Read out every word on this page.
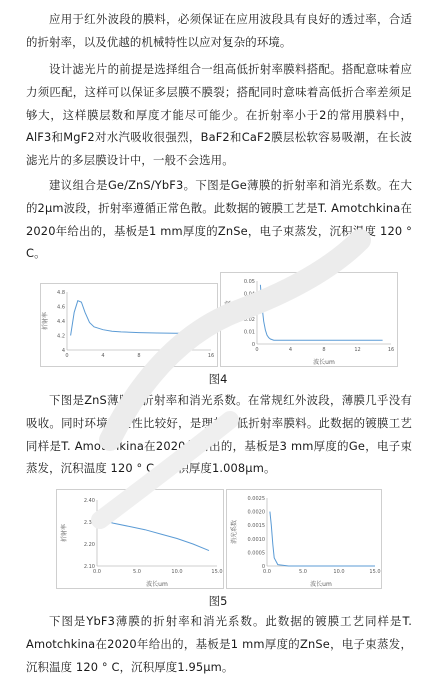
应用于红外波段的膜料，必须保证在应用波段具有良好的透过率，合适的折射率，以及优越的机械特性以应对复杂的环境。

设计滤光片的前提是选择组合一组高低折射率膜料搭配。搭配意味着应力须匹配，这样可以保证多层膜不膜裂；搭配同时意味着高低折合率差须足够大，这样膜层数和厚度才能尽可能少。在折射率小于2的常用膜料中，AlF3和MgF2对水汽吸收很强烈，BaF2和CaF2膜层松软容易吸潮，在长波滤光片的多层膜设计中，一般不会选用。

建议组合是Ge/ZnS/YbF3。下图是Ge薄膜的折射率和消光系数。在大的2μm波段，折射率遵循正常色散。此数据的镀膜工艺是T. Amotchkina在2020年给出的，基板是1 mm厚度的ZnSe，电子束蒸发，沉积温度 120 ° C。

4
4.2
4.4
4.6
4.8
0	4	8	12	16
折射率
0
0.01
0.02
0.03
0.04
0.05
0	4	8	12	16
消光系数
波长um
图4

下图是ZnS薄膜的折射率和消光系数。在常规红外波段，薄膜几乎没有吸收。同时环境稳定性比较好，是理想的低折射率膜料。此数据的镀膜工艺同样是T. Amotchkina在2020年给出的，基板是3 mm厚度的Ge，电子束蒸发，沉积温度 120 ° C，沉积厚度1.008μm。

2.10
2.20
2.30
2.40
0.0	5.0	10.0	15.0
折射率
波长um
0
0.0005
0.0010
0.0015
0.0020
0.0025
0.0	5.0	10.0	15.0
消光系数
波长um
图5

下图是YbF3薄膜的折射率和消光系数。此数据的镀膜工艺同样是T. Amotchkina在2020年给出的，基板是1 mm厚度的ZnSe，电子束蒸发，沉积温度 120 ° C，沉积厚度1.95μm。
